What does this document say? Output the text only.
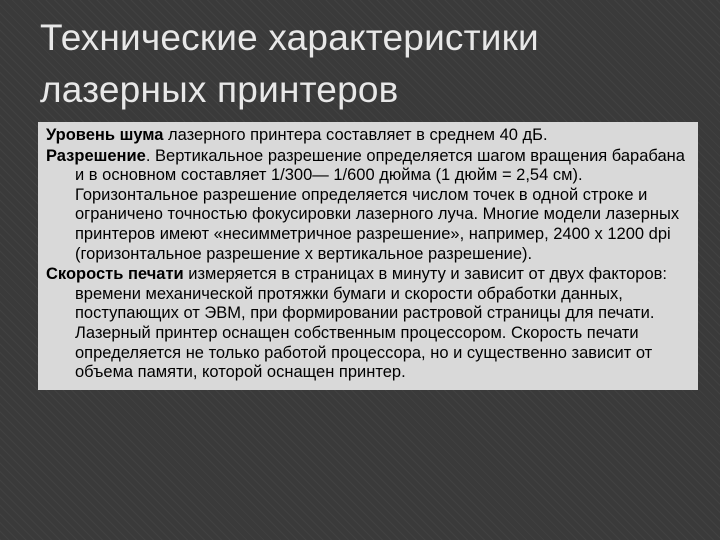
Технические характеристики
лазерных принтеров

Уровень шума лазерного принтера составляет в среднем 40 дБ.

Разрешение. Вертикальное разрешение определяется шагом вращения барабана и в основном составляет 1/300— 1/600 дюйма (1 дюйм = 2,54 см). Горизонтальное разрешение определяется числом точек в одной строке и ограничено точностью фокусировки лазерного луча. Многие модели лазерных принтеров имеют «несимметричное разрешение», например, 2400 x 1200 dpi (горизонтальное разрешение x вертикальное разрешение).

Скорость печати измеряется в страницах в минуту и зависит от двух факторов: времени механической протяжки бумаги и скорости обработки данных, поступающих от ЭВМ, при формировании растровой страницы для печати. Лазерный принтер оснащен собственным процессором. Скорость печати определяется не только работой процессора, но и существенно зависит от объема памяти, которой оснащен принтер.
